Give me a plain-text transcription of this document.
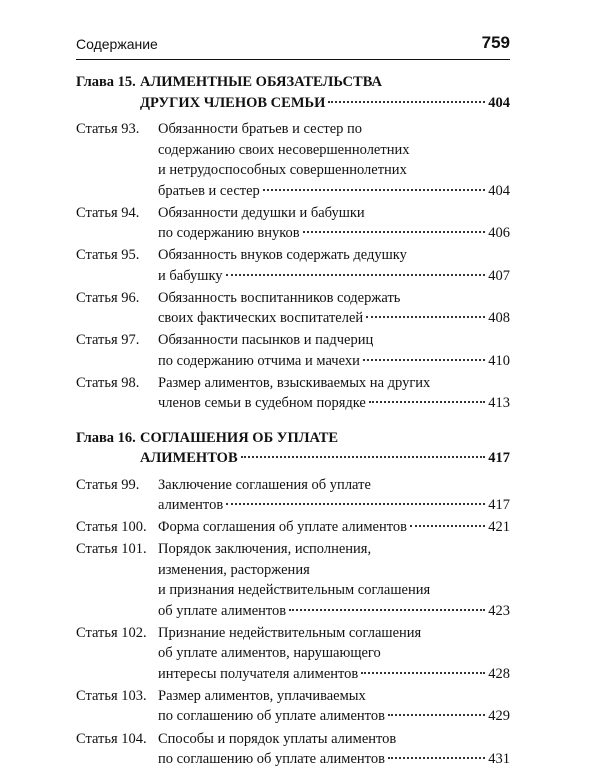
Содержание	759
Глава 15. АЛИМЕНТНЫЕ ОБЯЗАТЕЛЬСТВА
ДРУГИХ ЧЛЕНОВ СЕМЬИ	404
Статья 93.	Обязанности братьев и сестер по
содержанию своих несовершеннолетних
и нетрудоспособных совершеннолетних
братьев и сестер	404
Статья 94.	Обязанности дедушки и бабушки
по содержанию внуков	406
Статья 95.	Обязанность внуков содержать дедушку
и бабушку	407
Статья 96.	Обязанность воспитанников содержать
своих фактических воспитателей	408
Статья 97.	Обязанности пасынков и падчериц
по содержанию отчима и мачехи	410
Статья 98.	Размер алиментов, взыскиваемых на других
членов семьи в судебном порядке	413
Глава 16. СОГЛАШЕНИЯ ОБ УПЛАТЕ
АЛИМЕНТОВ	417
Статья 99.	Заключение соглашения об уплате
алиментов	417
Статья 100. Форма соглашения об уплате алиментов	421
Статья 101. Порядок заключения, исполнения,
изменения, расторжения
и признания недействительным соглашения
об уплате алиментов	423
Статья 102. Признание недействительным соглашения
об уплате алиментов, нарушающего
интересы получателя алиментов	428
Статья 103. Размер алиментов, уплачиваемых
по соглашению об уплате алиментов	429
Статья 104. Способы и порядок уплаты алиментов
по соглашению об уплате алиментов	431
